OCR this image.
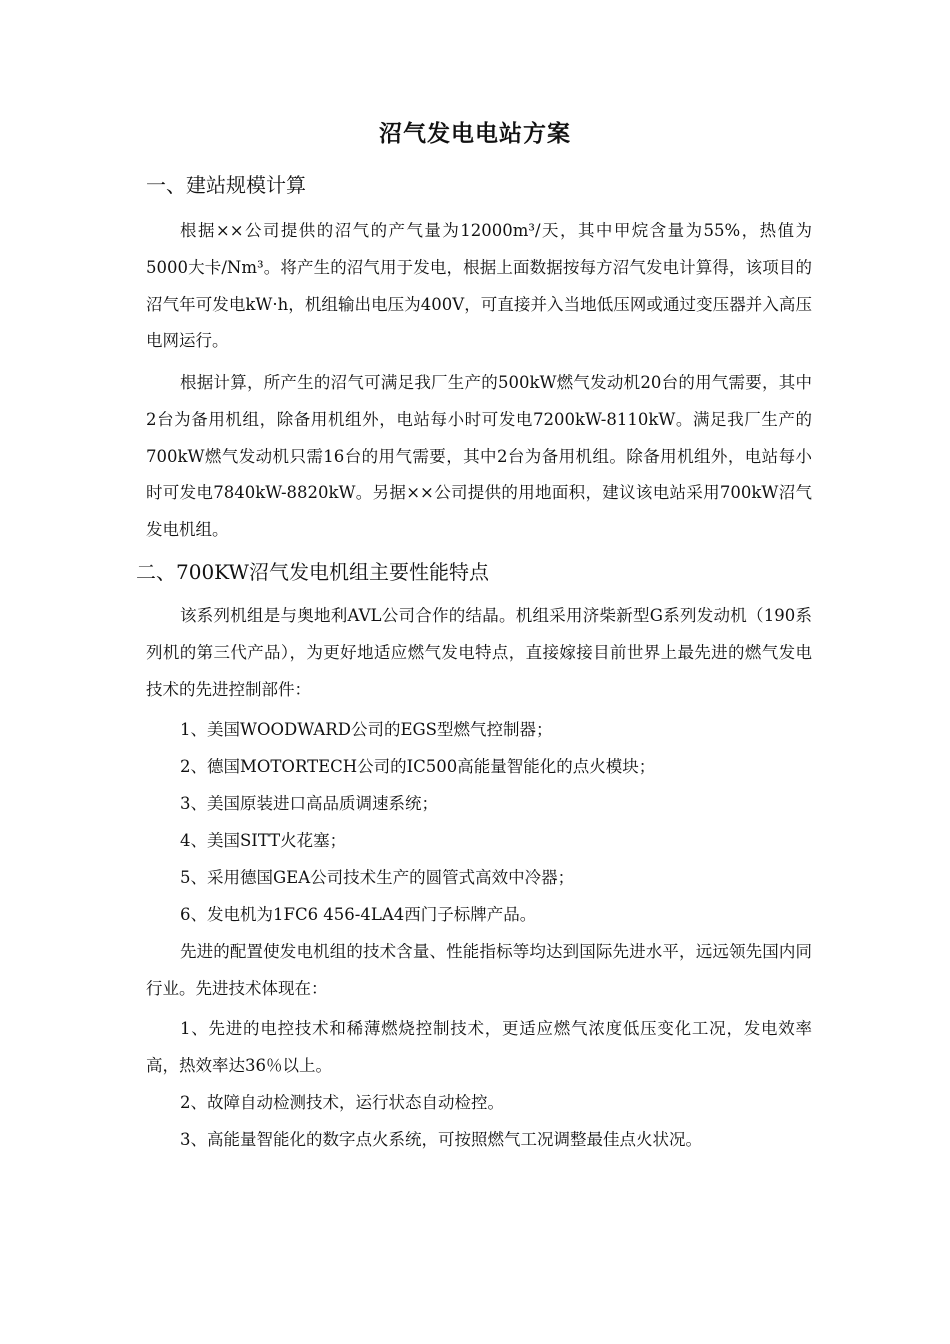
沼气发电电站方案
一、建站规模计算
根据××公司提供的沼气的产气量为12000m³/天，其中甲烷含量为55%，热值为5000大卡/Nm³。将产生的沼气用于发电，根据上面数据按每方沼气发电计算得，该项目的沼气年可发电kW·h，机组输出电压为400V，可直接并入当地低压网或通过变压器并入高压电网运行。
根据计算，所产生的沼气可满足我厂生产的500kW燃气发动机20台的用气需要，其中2台为备用机组，除备用机组外，电站每小时可发电7200kW-8110kW。满足我厂生产的700kW燃气发动机只需16台的用气需要，其中2台为备用机组。除备用机组外，电站每小时可发电7840kW-8820kW。另据××公司提供的用地面积，建议该电站采用700kW沼气发电机组。
二、700KW沼气发电机组主要性能特点
该系列机组是与奥地利AVL公司合作的结晶。机组采用济柴新型G系列发动机（190系列机的第三代产品），为更好地适应燃气发电特点，直接嫁接目前世界上最先进的燃气发电技术的先进控制部件：
1、美国WOODWARD公司的EGS型燃气控制器；
2、德国MOTORTECH公司的IC500高能量智能化的点火模块；
3、美国原装进口高品质调速系统；
4、美国SITT火花塞；
5、采用德国GEA公司技术生产的圆管式高效中冷器；
6、发电机为1FC6 456-4LA4西门子标牌产品。
先进的配置使发电机组的技术含量、性能指标等均达到国际先进水平，远远领先国内同行业。先进技术体现在：
1、先进的电控技术和稀薄燃烧控制技术，更适应燃气浓度低压变化工况，发电效率高，热效率达36％以上。
2、故障自动检测技术，运行状态自动检控。
3、高能量智能化的数字点火系统，可按照燃气工况调整最佳点火状况。
